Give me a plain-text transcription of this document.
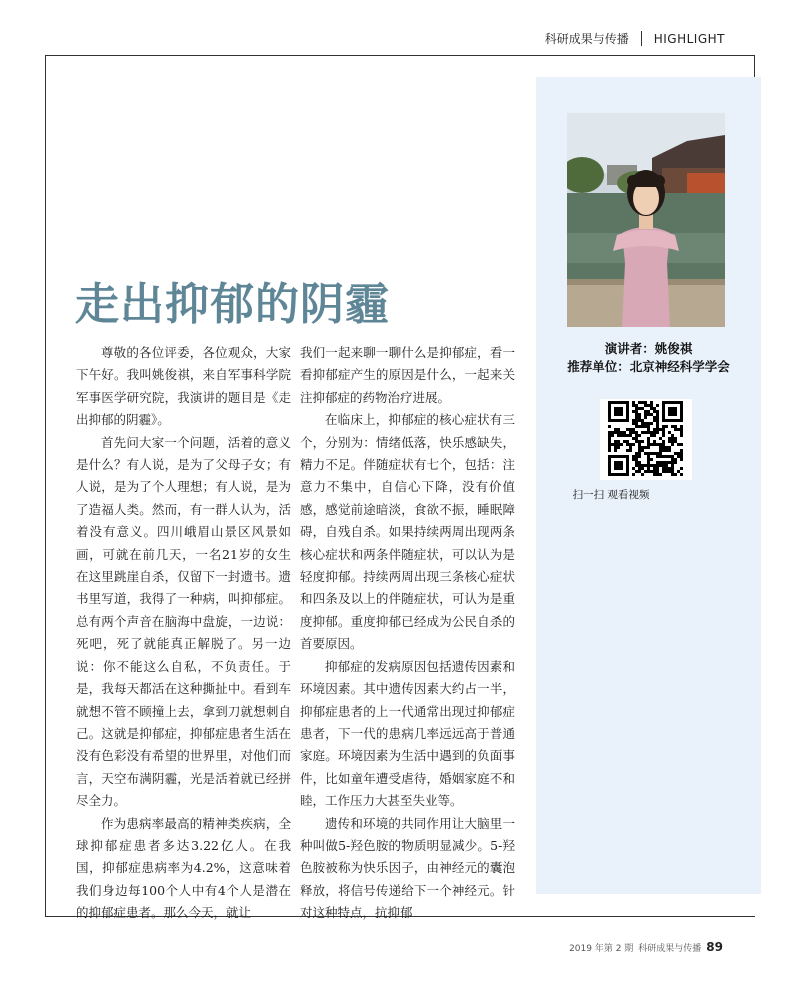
科研成果与传播 HIGHLIGHT
演讲者：姚俊祺
推荐单位：北京神经科学学会
扫一扫 观看视频
走出抑郁的阴霾

尊敬的各位评委，各位观众，大家下午好。我叫姚俊祺，来自军事科学院军事医学研究院，我演讲的题目是《走出抑郁的阴霾》。

首先问大家一个问题，活着的意义是什么？有人说，是为了父母子女；有人说，是为了个人理想；有人说，是为了造福人类。然而，有一群人认为，活着没有意义。四川峨眉山景区风景如画，可就在前几天，一名21岁的女生在这里跳崖自杀，仅留下一封遗书。遗书里写道，我得了一种病，叫抑郁症。总有两个声音在脑海中盘旋，一边说：死吧，死了就能真正解脱了。另一边说：你不能这么自私，不负责任。于是，我每天都活在这种撕扯中。看到车就想不管不顾撞上去，拿到刀就想刺自己。这就是抑郁症，抑郁症患者生活在没有色彩没有希望的世界里，对他们而言，天空布满阴霾，光是活着就已经拼尽全力。

作为患病率最高的精神类疾病，全球抑郁症患者多达3.22亿人。在我国，抑郁症患病率为4.2%，这意味着我们身边每100个人中有4个人是潜在的抑郁症患者。那么今天，就让

我们一起来聊一聊什么是抑郁症，看一看抑郁症产生的原因是什么，一起来关注抑郁症的药物治疗进展。

在临床上，抑郁症的核心症状有三个，分别为：情绪低落，快乐感缺失，精力不足。伴随症状有七个，包括：注意力不集中，自信心下降，没有价值感，感觉前途暗淡，食欲不振，睡眠障碍，自残自杀。如果持续两周出现两条核心症状和两条伴随症状，可以认为是轻度抑郁。持续两周出现三条核心症状和四条及以上的伴随症状，可认为是重度抑郁。重度抑郁已经成为公民自杀的首要原因。

抑郁症的发病原因包括遗传因素和环境因素。其中遗传因素大约占一半，抑郁症患者的上一代通常出现过抑郁症患者，下一代的患病几率远远高于普通家庭。环境因素为生活中遇到的负面事件，比如童年遭受虐待，婚姻家庭不和睦，工作压力大甚至失业等。

遗传和环境的共同作用让大脑里一种叫做5-羟色胺的物质明显减少。5-羟色胺被称为快乐因子，由神经元的囊泡释放，将信号传递给下一个神经元。针对这种特点，抗抑郁

2019 年第 2 期 科研成果与传播 89
